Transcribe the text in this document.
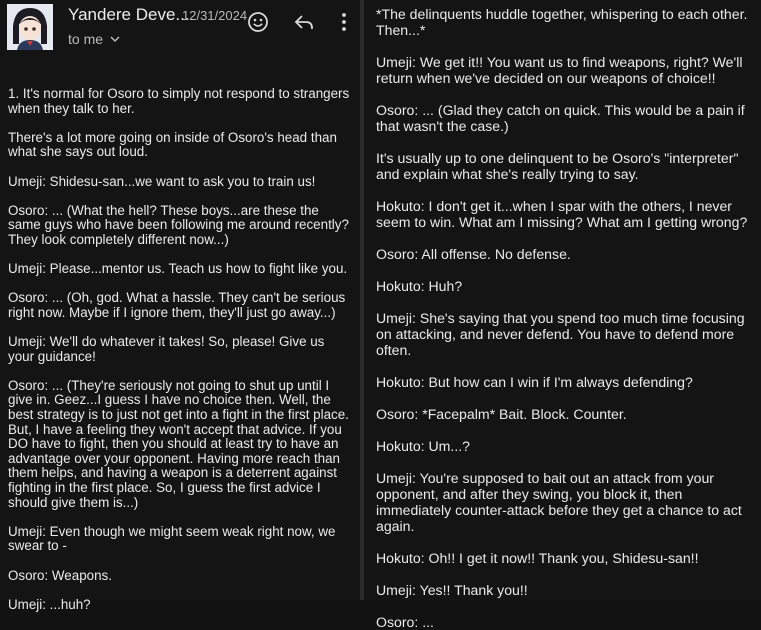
Yandere Deve...
12/31/2024
to me

1. It's normal for Osoro to simply not respond to strangers when they talk to her.

There's a lot more going on inside of Osoro's head than what she says out loud.

Umeji: Shidesu-san...we want to ask you to train us!

Osoro: ... (What the hell? These boys...are these the same guys who have been following me around recently? They look completely different now...)

Umeji: Please...mentor us. Teach us how to fight like you.

Osoro: ... (Oh, god. What a hassle. They can't be serious right now. Maybe if I ignore them, they'll just go away...)

Umeji: We'll do whatever it takes! So, please! Give us your guidance!

Osoro: ... (They're seriously not going to shut up until I give in. Geez...I guess I have no choice then. Well, the best strategy is to just not get into a fight in the first place. But, I have a feeling they won't accept that advice. If you DO have to fight, then you should at least try to have an advantage over your opponent. Having more reach than them helps, and having a weapon is a deterrent against fighting in the first place. So, I guess the first advice I should give them is...)

Umeji: Even though we might seem weak right now, we swear to -

Osoro: Weapons.

Umeji: ...huh?

*The delinquents huddle together, whispering to each other. Then...*

Umeji: We get it!! You want us to find weapons, right? We'll return when we've decided on our weapons of choice!!

Osoro: ... (Glad they catch on quick. This would be a pain if that wasn't the case.)

It's usually up to one delinquent to be Osoro's "interpreter" and explain what she's really trying to say.

Hokuto: I don't get it...when I spar with the others, I never seem to win. What am I missing? What am I getting wrong?

Osoro: All offense. No defense.

Hokuto: Huh?

Umeji: She's saying that you spend too much time focusing on attacking, and never defend. You have to defend more often.

Hokuto: But how can I win if I'm always defending?

Osoro: *Facepalm* Bait. Block. Counter.

Hokuto: Um...?

Umeji: You're supposed to bait out an attack from your opponent, and after they swing, you block it, then immediately counter-attack before they get a chance to act again.

Hokuto: Oh!! I get it now!! Thank you, Shidesu-san!!

Umeji: Yes!! Thank you!!

Osoro: ...
